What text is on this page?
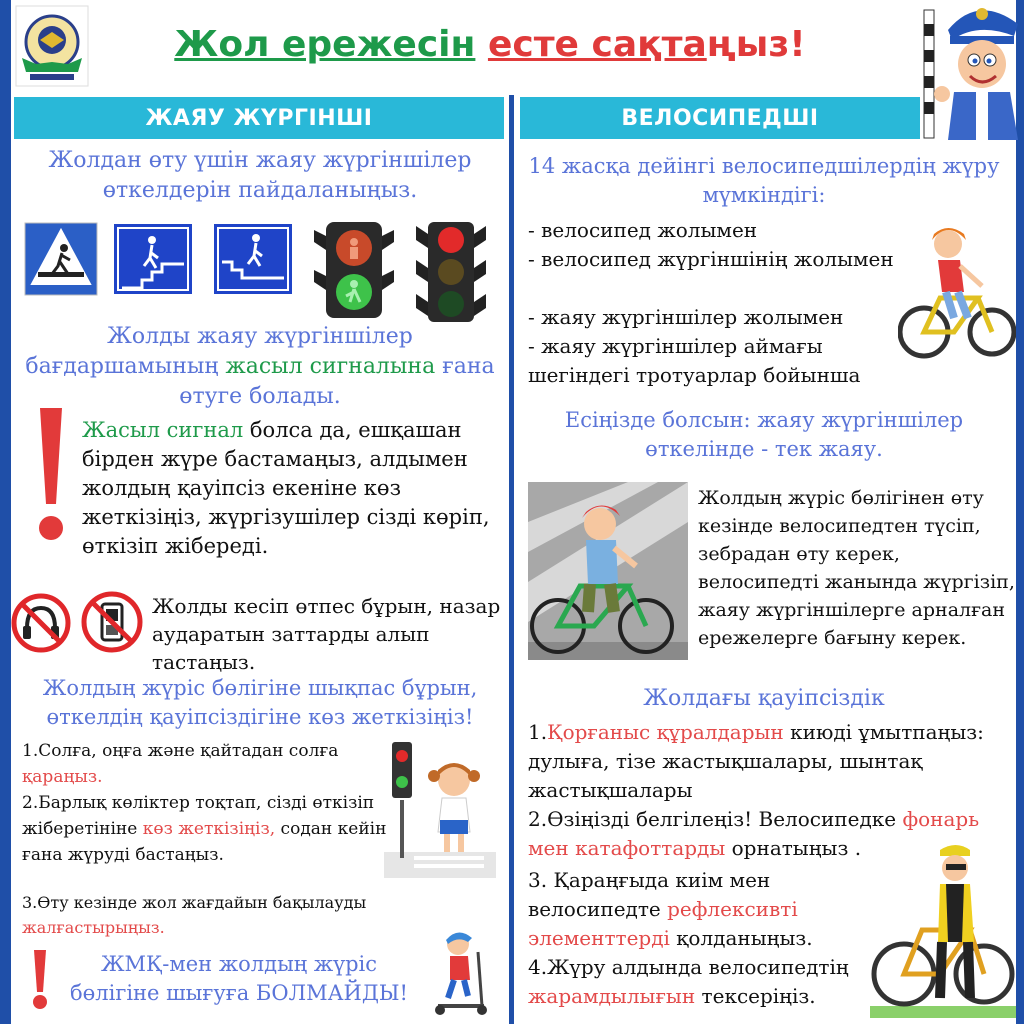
Жол ережесін есте сақтаңыз!
ЖАЯУ ЖҮРГІНШІ	ВЕЛОСИПЕДШІ
Жолдан өту үшін жаяу жүргіншілер өткелдерін пайдаланыңыз.
Жолды жаяу жүргіншілер бағдаршамының жасыл сигналына ғана өтуге болады.
Жасыл сигнал болса да, ешқашан бірден жүре бастамаңыз, алдымен жолдың қауіпсіз екеніне көз жеткізіңіз, жүргізушілер сізді көріп, өткізіп жібереді.
Жолды кесіп өтпес бұрын, назар аударатын заттарды алып тастаңыз.
Жолдың жүріс бөлігіне шықпас бұрын, өткелдің қауіпсіздігіне көз жеткізіңіз!
1.Солға, оңға және қайтадан солға қараңыз.
2.Барлық көліктер тоқтап, сізді өткізіп жіберетініне көз жеткізіңіз, содан кейін ғана жүруді бастаңыз.
3.Өту кезінде жол жағдайын бақылауды жалғастырыңыз.
ЖМҚ-мен жолдың жүріс бөлігіне шығуға БОЛМАЙДЫ!
14 жасқа дейінгі велосипедшілердің жүру мүмкіндігі:
- велосипед жолымен
- велосипед жүргіншінің жолымен
- жаяу жүргіншілер жолымен
- жаяу жүргіншілер аймағы шегіндегі тротуарлар бойынша
Есіңізде болсын: жаяу жүргіншілер өткелінде - тек жаяу.
Жолдың жүріс бөлігінен өту кезінде велосипедтен түсіп, зебрадан өту керек, велосипедті жанында жүргізіп, жаяу жүргіншілерге арналған ережелерге бағыну керек.
Жолдағы қауіпсіздік
1.Қорғаныс құралдарын киюді ұмытпаңыз: дулыға, тізе жастықшалары, шынтақ жастықшалары
2.Өзіңізді белгілеңіз! Велосипедке фонарь мен катафоттарды орнатыңыз .
3. Қараңғыда киім мен велосипедте рефлексивті элементтерді қолданыңыз.
4.Жүру алдында велосипедтің жарамдылығын тексеріңіз.
